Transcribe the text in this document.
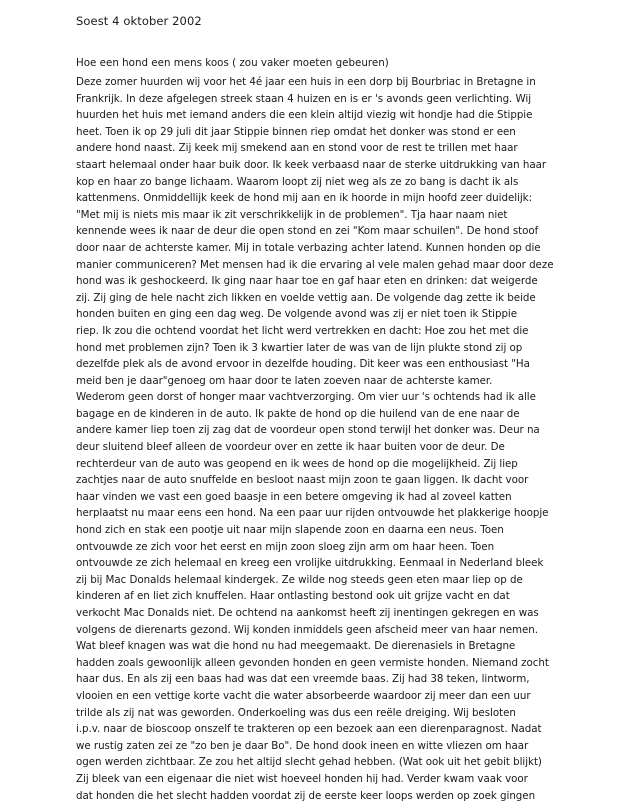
Soest 4 oktober 2002
Hoe een hond een mens koos ( zou vaker moeten gebeuren)
Deze zomer huurden wij voor het 4é jaar een huis in een dorp bij Bourbriac in Bretagne in
Frankrijk. In deze afgelegen streek staan 4 huizen en is er 's avonds geen verlichting. Wij
huurden het huis met iemand anders die een klein altijd viezig wit hondje had die Stippie
heet. Toen ik op 29 juli dit jaar Stippie binnen riep omdat het donker was stond er een
andere hond naast. Zij keek mij smekend aan en stond voor de rest te trillen met haar
staart helemaal onder haar buik door. Ik keek verbaasd naar de sterke uitdrukking van haar
kop en haar zo bange lichaam. Waarom loopt zij niet weg als ze zo bang is dacht ik als
kattenmens. Onmiddellijk keek de hond mij aan en ik hoorde in mijn hoofd zeer duidelijk:
"Met mij is niets mis maar ik zit verschrikkelijk in de problemen". Tja haar naam niet
kennende wees ik naar de deur die open stond en zei "Kom maar schuilen". De hond stoof
door naar de achterste kamer. Mij in totale verbazing achter latend. Kunnen honden op die
manier communiceren? Met mensen had ik die ervaring al vele malen gehad maar door deze
hond was ik geshockeerd. Ik ging naar haar toe en gaf haar eten en drinken: dat weigerde
zij. Zij ging de hele nacht zich likken en voelde vettig aan. De volgende dag zette ik beide
honden buiten en ging een dag weg. De volgende avond was zij er niet toen ik Stippie
riep. Ik zou die ochtend voordat het licht werd vertrekken en dacht: Hoe zou het met die
hond met problemen zijn? Toen ik 3 kwartier later de was van de lijn plukte stond zij op
dezelfde plek als de avond ervoor in dezelfde houding. Dit keer was een enthousiast "Ha
meid ben je daar"genoeg om haar door te laten zoeven naar de achterste kamer.
Wederom geen dorst of honger maar vachtverzorging. Om vier uur 's ochtends had ik alle
bagage en de kinderen in de auto. Ik pakte de hond op die huilend van de ene naar de
andere kamer liep toen zij zag dat de voordeur open stond terwijl het donker was. Deur na
deur sluitend bleef alleen de voordeur over en zette ik haar buiten voor de deur. De
rechterdeur van de auto was geopend en ik wees de hond op die mogelijkheid. Zij liep
zachtjes naar de auto snuffelde en besloot naast mijn zoon te gaan liggen. Ik dacht voor
haar vinden we vast een goed baasje in een betere omgeving ik had al zoveel katten
herplaatst nu maar eens een hond. Na een paar uur rijden ontvouwde het plakkerige hoopje
hond zich en stak een pootje uit naar mijn slapende zoon en daarna een neus. Toen
ontvouwde ze zich voor het eerst en mijn zoon sloeg zijn arm om haar heen. Toen
ontvouwde ze zich helemaal en kreeg een vrolijke uitdrukking. Eenmaal in Nederland bleek
zij bij Mac Donalds helemaal kindergek. Ze wilde nog steeds geen eten maar liep op de
kinderen af en liet zich knuffelen. Haar ontlasting bestond ook uit grijze vacht en dat
verkocht Mac Donalds niet. De ochtend na aankomst heeft zij inentingen gekregen en was
volgens de dierenarts gezond. Wij konden inmiddels geen afscheid meer van haar nemen.
Wat bleef knagen was wat die hond nu had meegemaakt. De dierenasiels in Bretagne
hadden zoals gewoonlijk alleen gevonden honden en geen vermiste honden. Niemand zocht
haar dus. En als zij een baas had was dat een vreemde baas. Zij had 38 teken, lintworm,
vlooien en een vettige korte vacht die water absorbeerde waardoor zij meer dan een uur
trilde als zij nat was geworden. Onderkoeling was dus een reële dreiging. Wij besloten
i.p.v. naar de bioscoop onszelf te trakteren op een bezoek aan een dierenparagnost. Nadat
we rustig zaten zei ze "zo ben je daar Bo". De hond dook ineen en witte vliezen om haar
ogen werden zichtbaar. Ze zou het altijd slecht gehad hebben. (Wat ook uit het gebit blijkt)
Zij bleek van een eigenaar die niet wist hoeveel honden hij had. Verder kwam vaak voor
dat honden die het slecht hadden voordat zij de eerste keer loops werden op zoek gingen
